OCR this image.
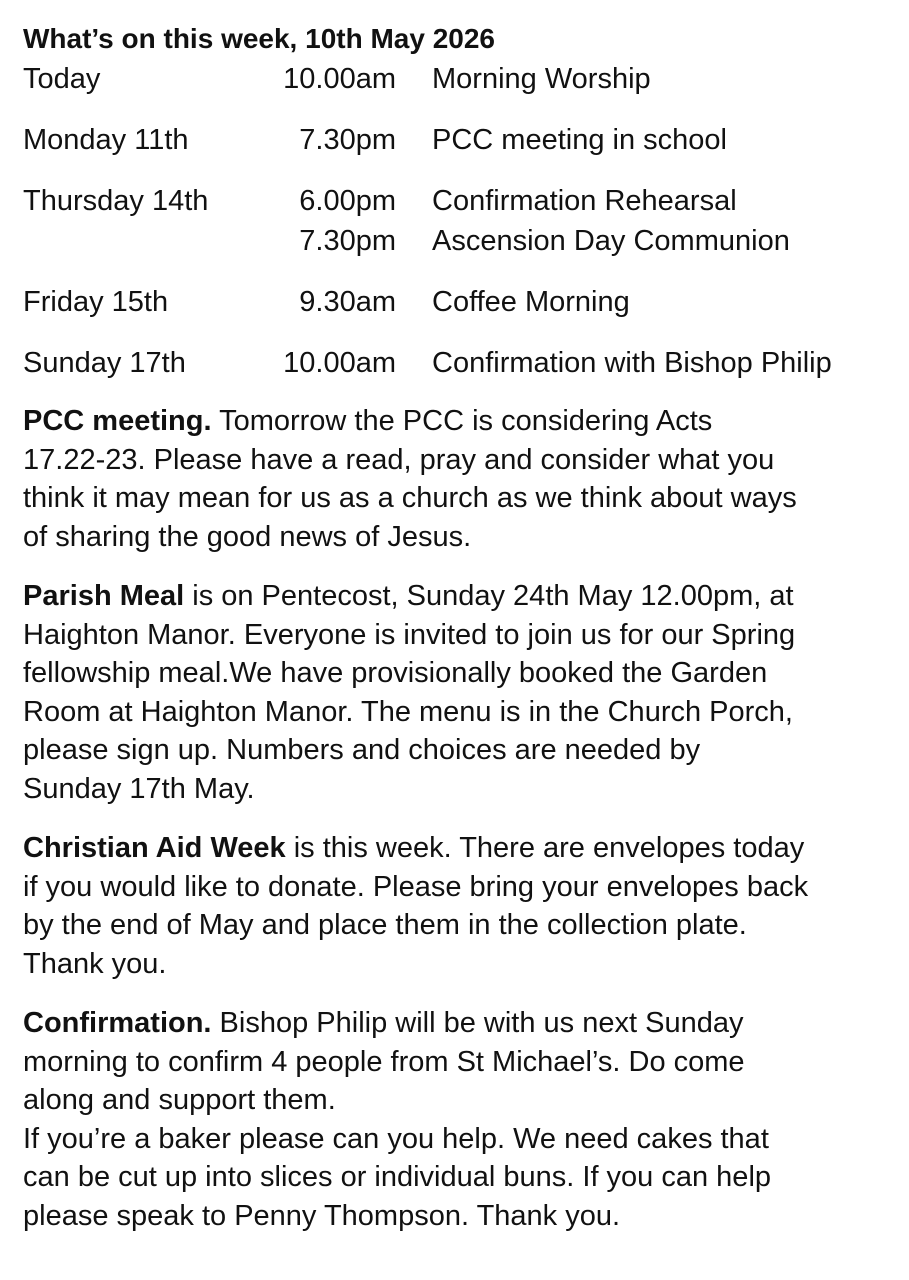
What’s on this week, 10th May 2026
Today	10.00am Morning Worship
Monday 11th	7.30pm PCC meeting in school
Thursday 14th	6.00pm Confirmation Rehearsal
7.30pm Ascension Day Communion
Friday 15th	9.30am Coffee Morning
Sunday 17th	10.00am Confirmation with Bishop Philip

PCC meeting. Tomorrow the PCC is considering Acts
17.22-23. Please have a read, pray and consider what you
think it may mean for us as a church as we think about ways
of sharing the good news of Jesus.

Parish Meal is on Pentecost, Sunday 24th May 12.00pm, at
Haighton Manor. Everyone is invited to join us for our Spring
fellowship meal.We have provisionally booked the Garden
Room at Haighton Manor. The menu is in the Church Porch,
please sign up. Numbers and choices are needed by
Sunday 17th May.

Christian Aid Week is this week. There are envelopes today
if you would like to donate. Please bring your envelopes back
by the end of May and place them in the collection plate.
Thank you.

Confirmation. Bishop Philip will be with us next Sunday
morning to confirm 4 people from St Michael’s. Do come
along and support them.

If you’re a baker please can you help. We need cakes that
can be cut up into slices or individual buns. If you can help
please speak to Penny Thompson. Thank you.
